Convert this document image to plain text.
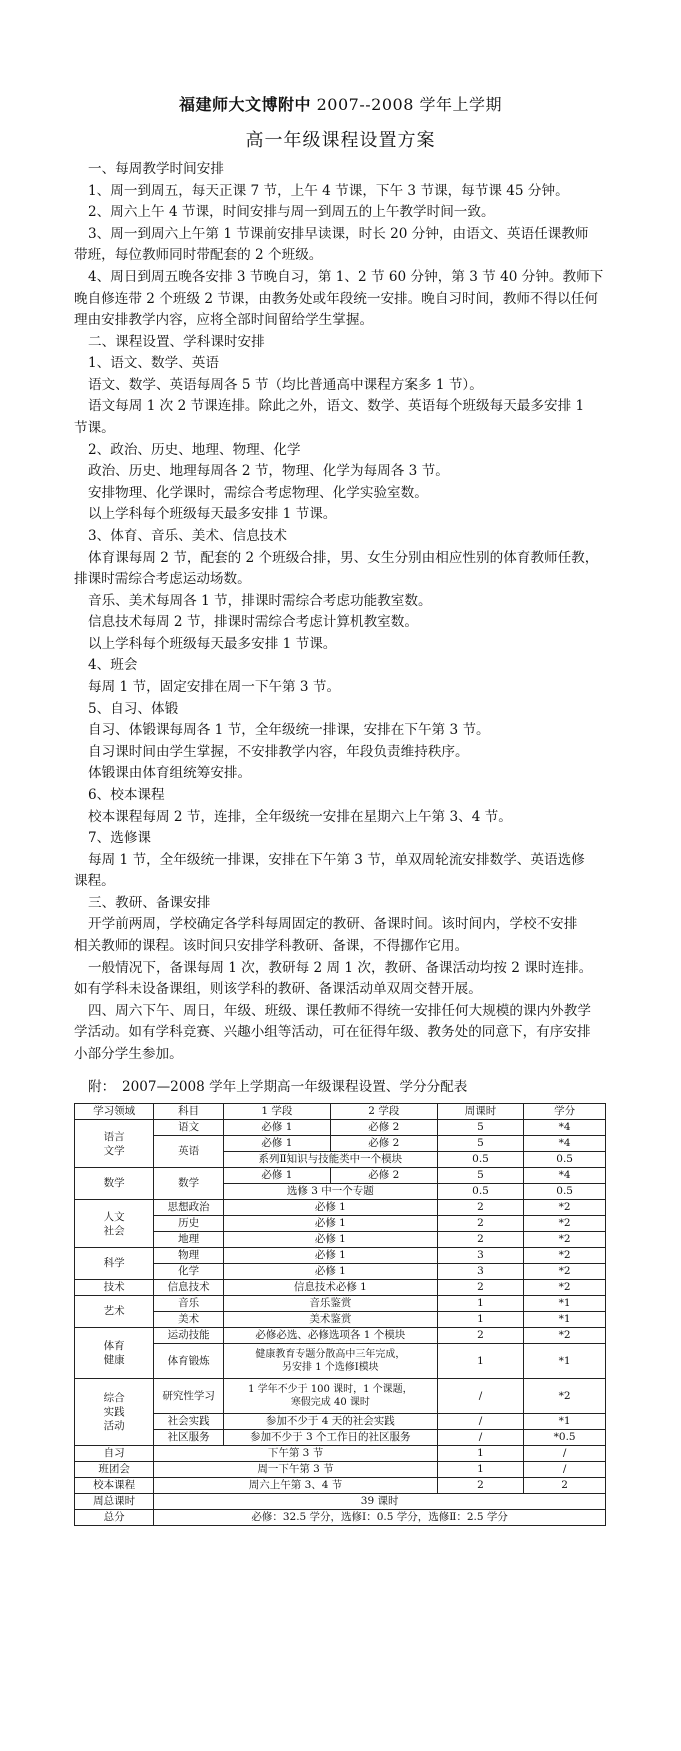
福建师大文博附中 2007--2008 学年上学期
高一年级课程设置方案
一、每周教学时间安排
1、周一到周五，每天正课 7 节，上午 4 节课，下午 3 节课，每节课 45 分钟。
2、周六上午 4 节课，时间安排与周一到周五的上午教学时间一致。
3、周一到周六上午第 1 节课前安排早读课，时长 20 分钟，由语文、英语任课教师
带班，每位教师同时带配套的 2 个班级。
4、周日到周五晚各安排 3 节晚自习，第 1、2 节 60 分钟，第 3 节 40 分钟。教师下
晚自修连带 2 个班级 2 节课，由教务处或年段统一安排。晚自习时间，教师不得以任何
理由安排教学内容，应将全部时间留给学生掌握。
二、课程设置、学科课时安排
1、语文、数学、英语
语文、数学、英语每周各 5 节（均比普通高中课程方案多 1 节）。
语文每周 1 次 2 节课连排。除此之外，语文、数学、英语每个班级每天最多安排 1
节课。
2、政治、历史、地理、物理、化学
政治、历史、地理每周各 2 节，物理、化学为每周各 3 节。
安排物理、化学课时，需综合考虑物理、化学实验室数。
以上学科每个班级每天最多安排 1 节课。
3、体育、音乐、美术、信息技术
体育课每周 2 节，配套的 2 个班级合排，男、女生分别由相应性别的体育教师任教，
排课时需综合考虑运动场数。
音乐、美术每周各 1 节，排课时需综合考虑功能教室数。
信息技术每周 2 节，排课时需综合考虑计算机教室数。
以上学科每个班级每天最多安排 1 节课。
4、班会
每周 1 节，固定安排在周一下午第 3 节。
5、自习、体锻
自习、体锻课每周各 1 节，全年级统一排课，安排在下午第 3 节。
自习课时间由学生掌握，不安排教学内容，年段负责维持秩序。
体锻课由体育组统筹安排。
6、校本课程
校本课程每周 2 节，连排，全年级统一安排在星期六上午第 3、4 节。
7、选修课
每周 1 节，全年级统一排课，安排在下午第 3 节，单双周轮流安排数学、英语选修
课程。
三、教研、备课安排
开学前两周，学校确定各学科每周固定的教研、备课时间。该时间内，学校不安排
相关教师的课程。该时间只安排学科教研、备课，不得挪作它用。
一般情况下，备课每周 1 次，教研每 2 周 1 次，教研、备课活动均按 2 课时连排。
如有学科未设备课组，则该学科的教研、备课活动单双周交替开展。
四、周六下午、周日，年级、班级、课任教师不得统一安排任何大规模的课内外教学
学活动。如有学科竞赛、兴趣小组等活动，可在征得年级、教务处的同意下，有序安排
小部分学生参加。
附：　2007—2008 学年上学期高一年级课程设置、学分分配表
学习领域	科目	1 学段	2 学段	周课时	学分
语言
文学	语文	必修 1	必修 2	5	*4
	英语	必修 1	必修 2	5	*4
		系列Ⅱ知识与技能类中一个模块		0.5	0.5
数学	数学	必修 1	必修 2	5	*4
		选修 3 中一个专题		0.5	0.5
人文
社会	思想政治	必修 1		2	*2
	历史	必修 1		2	*2
	地理	必修 1		2	*2
科学	物理	必修 1		3	*2
	化学	必修 1		3	*2
技术	信息技术	信息技术必修 1		2	*2
艺术	音乐	音乐鉴赏		1	*1
	美术	美术鉴赏		1	*1
体育
健康	运动技能	必修必选、必修选项各 1 个模块		2	*2
	体育锻炼	健康教育专题分散高中三年完成，
另安排 1 个选修Ⅰ模块		1	*1
综合
实践
活动	研究性学习	1 学年不少于 100 课时，1 个课题，
寒假完成 40 课时		/	*2
	社会实践	参加不少于 4 天的社会实践		/	*1
	社区服务	参加不少于 3 个工作日的社区服务		/	*0.5
自习	下午第 3 节			1	/
班团会	周一下午第 3 节			1	/
校本课程	周六上午第 3、4 节			2	2
周总课时	39 课时				
总分	必修：32.5 学分，选修Ⅰ：0.5 学分，选修Ⅱ：2.5 学分				
